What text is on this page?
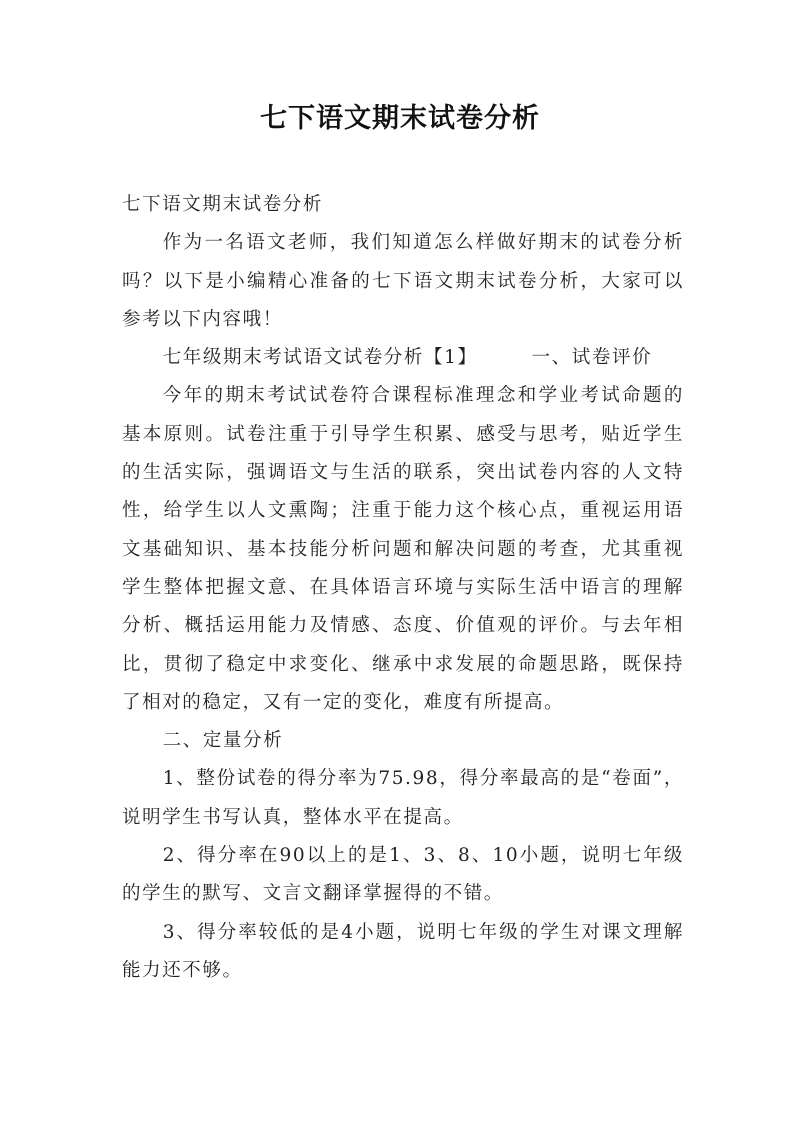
七下语文期末试卷分析

七下语文期末试卷分析

作为一名语文老师，我们知道怎么样做好期末的试卷分析吗？以下是小编精心准备的七下语文期末试卷分析，大家可以参考以下内容哦！

七年级期末考试语文试卷分析【1】	一、试卷评价

今年的期末考试试卷符合课程标准理念和学业考试命题的基本原则。试卷注重于引导学生积累、感受与思考，贴近学生的生活实际，强调语文与生活的联系，突出试卷内容的人文特性，给学生以人文熏陶；注重于能力这个核心点，重视运用语文基础知识、基本技能分析问题和解决问题的考查，尤其重视学生整体把握文意、在具体语言环境与实际生活中语言的理解分析、概括运用能力及情感、态度、价值观的评价。与去年相比，贯彻了稳定中求变化、继承中求发展的命题思路，既保持了相对的稳定，又有一定的变化，难度有所提高。

二、定量分析

1、整份试卷的得分率为75.98，得分率最高的是“卷面”，说明学生书写认真，整体水平在提高。

2、得分率在90以上的是1、3、8、10小题，说明七年级的学生的默写、文言文翻译掌握得的不错。

3、得分率较低的是4小题，说明七年级的学生对课文理解能力还不够。
